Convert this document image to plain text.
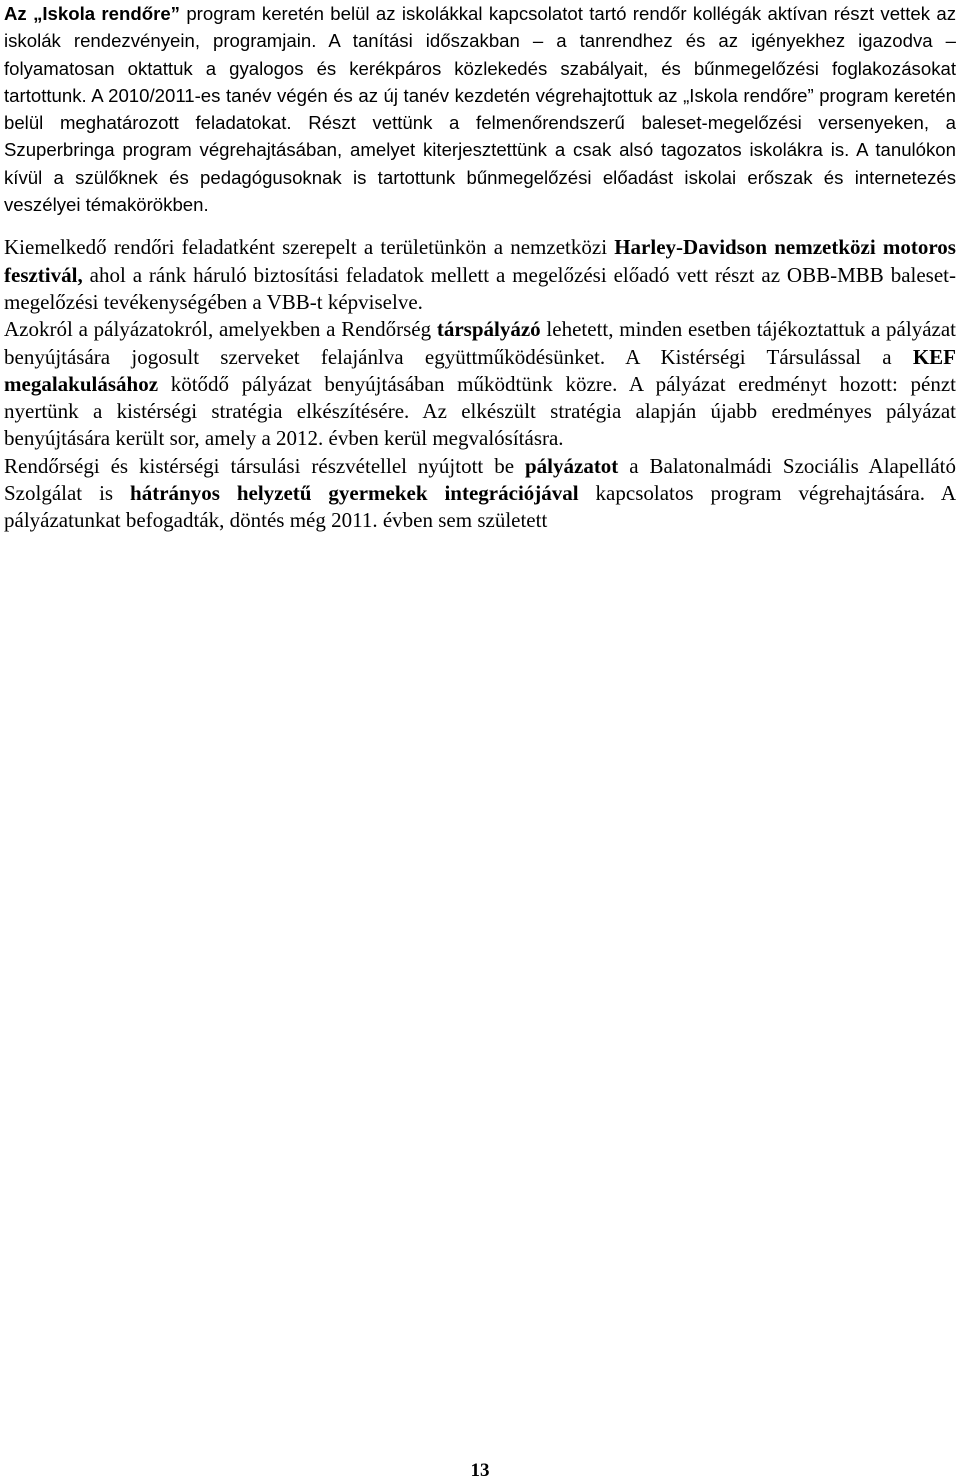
Az „Iskola rendőre” program keretén belül az iskolákkal kapcsolatot tartó rendőr kollégák aktívan részt vettek az iskolák rendezvényein, programjain. A tanítási időszakban – a tanrendhez és az igényekhez igazodva – folyamatosan oktattuk a gyalogos és kerékpáros közlekedés szabályait, és bűnmegelőzési foglakozásokat tartottunk. A 2010/2011-es tanév végén és az új tanév kezdetén végrehajtottuk az „Iskola rendőre” program keretén belül meghatározott feladatokat. Részt vettünk a felmenőrendszerű baleset-megelőzési versenyeken, a Szuperbringa program végrehajtásában, amelyet kiterjesztettünk a csak alsó tagozatos iskolákra is. A tanulókon kívül a szülőknek és pedagógusoknak is tartottunk bűnmegelőzési előadást iskolai erőszak és internetezés veszélyei témakörökben.

Kiemelkedő rendőri feladatként szerepelt a területünkön a nemzetközi Harley-Davidson nemzetközi motoros fesztivál, ahol a ránk háruló biztosítási feladatok mellett a megelőzési előadó vett részt az OBB-MBB baleset-megelőzési tevékenységében a VBB-t képviselve.

Azokról a pályázatokról, amelyekben a Rendőrség társpályázó lehetett, minden esetben tájékoztattuk a pályázat benyújtására jogosult szerveket felajánlva együttműködésünket. A Kistérségi Társulással a KEF megalakulásához kötődő pályázat benyújtásában működtünk közre. A pályázat eredményt hozott: pénzt nyertünk a kistérségi stratégia elkészítésére. Az elkészült stratégia alapján újabb eredményes pályázat benyújtására került sor, amely a 2012. évben kerül megvalósításra.

Rendőrségi és kistérségi társulási részvétellel nyújtott be pályázatot a Balatonalmádi Szociális Alapellátó Szolgálat is hátrányos helyzetű gyermekek integrációjával kapcsolatos program végrehajtására. A pályázatunkat befogadták, döntés még 2011. évben sem született

13
